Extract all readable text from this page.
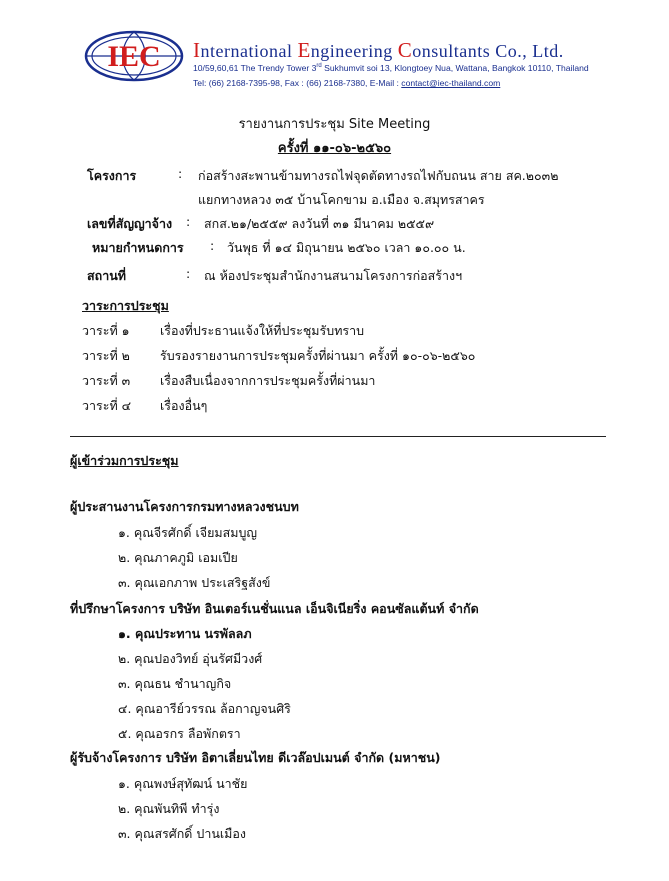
IEC International Engineering Consultants Co., Ltd.
10/59,60,61 The Trendy Tower 3rd Sukhumvit soi 13, Klongtoey Nua, Wattana, Bangkok 10110, Thailand
Tel: (66) 2168-7395-98, Fax : (66) 2168-7380, E-Mail : contact@iec-thailand.com
รายงานการประชุม Site Meeting
ครั้งที่ ๑๑-๐๖-๒๕๖๐
โครงการ	: ก่อสร้างสะพานข้ามทางรถไฟจุดตัดทางรถไฟกับถนน สาย สค.๒๐๓๒
แยกทางหลวง ๓๕ บ้านโคกขาม อ.เมือง จ.สมุทรสาคร
เลขที่สัญญาจ้าง : สกส.๒๑/๒๕๕๙ ลงวันที่ ๓๑ มีนาคม ๒๕๕๙
หมายกำหนดการ : วันพุธ ที่ ๑๔ มิถุนายน ๒๕๖๐ เวลา ๑๐.๐๐ น.
สถานที่	: ณ ห้องประชุมสำนักงานสนามโครงการก่อสร้างฯ
วาระการประชุม
วาระที่ ๑ เรื่องที่ประธานแจ้งให้ที่ประชุมรับทราบ
วาระที่ ๒ รับรองรายงานการประชุมครั้งที่ผ่านมา ครั้งที่ ๑๐-๐๖-๒๕๖๐
วาระที่ ๓ เรื่องสืบเนื่องจากการประชุมครั้งที่ผ่านมา
วาระที่ ๔ เรื่องอื่นๆ
ผู้เข้าร่วมการประชุม
ผู้ประสานงานโครงการกรมทางหลวงชนบท
๑. คุณจีรศักดิ์ เจียมสมบูญ
๒. คุณภาคภูมิ เอมเปีย
๓. คุณเอกภาพ ประเสริฐสังข์
ที่ปรึกษาโครงการ บริษัท อินเตอร์เนชั่นแนล เอ็นจิเนียริ่ง คอนซัลแต้นท์ จำกัด
๑. คุณประทาน นรพัลลภ
๒. คุณปองวิทย์ อุ่นรัศมีวงศ์
๓. คุณธน ชำนาญกิจ
๔. คุณอารีย์วรรณ ล้อกาญจนศิริ
๕. คุณอรกร ลือพักตรา
ผู้รับจ้างโครงการ บริษัท อิตาเลี่ยนไทย ดีเวล๊อปเมนต์ จำกัด (มหาชน)
๑. คุณพงษ์สุทัฒน์ นาชัย
๒. คุณพันทิพี ทำรุ่ง
๓. คุณสรศักดิ์ ปานเมือง
